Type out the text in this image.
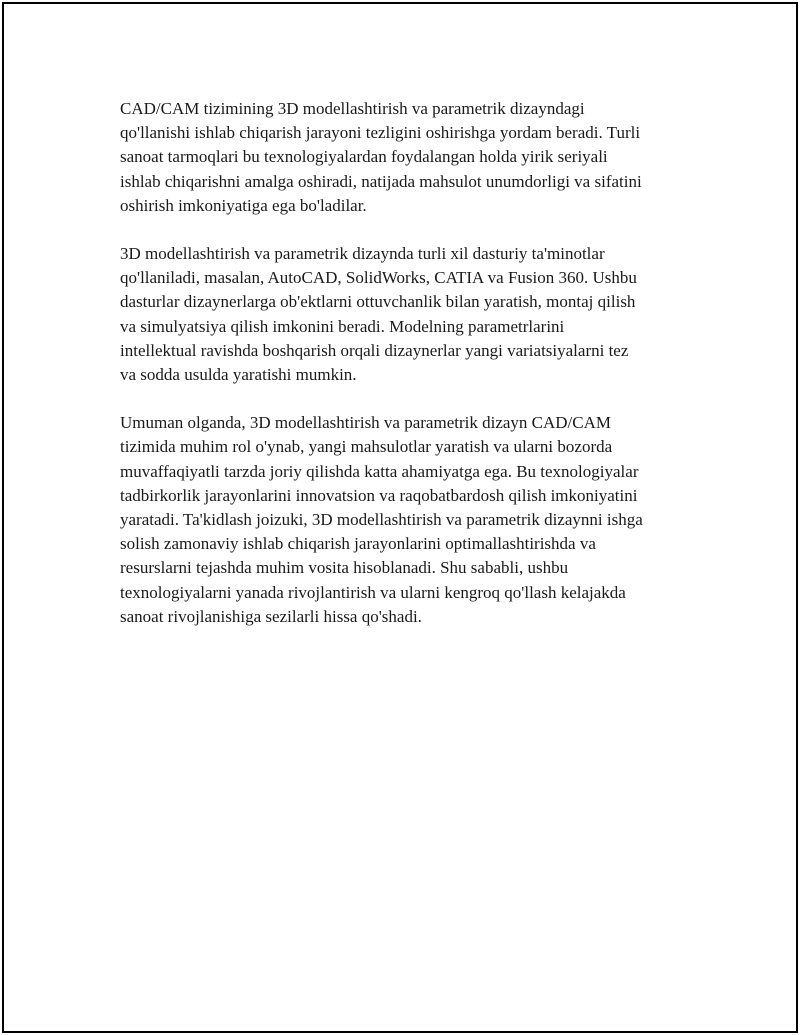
CAD/CAM tizimining 3D modellashtirish va parametrik dizayndagi
qo'llanishi ishlab chiqarish jarayoni tezligini oshirishga yordam beradi. Turli
sanoat tarmoqlari bu texnologiyalardan foydalangan holda yirik seriyali
ishlab chiqarishni amalga oshiradi, natijada mahsulot unumdorligi va sifatini
oshirish imkoniyatiga ega bo'ladilar.

3D modellashtirish va parametrik dizaynda turli xil dasturiy ta'minotlar
qo'llaniladi, masalan, AutoCAD, SolidWorks, CATIA va Fusion 360. Ushbu
dasturlar dizaynerlarga ob'ektlarni ottuvchanlik bilan yaratish, montaj qilish
va simulyatsiya qilish imkonini beradi. Modelning parametrlarini
intellektual ravishda boshqarish orqali dizaynerlar yangi variatsiyalarni tez
va sodda usulda yaratishi mumkin.

Umuman olganda, 3D modellashtirish va parametrik dizayn CAD/CAM
tizimida muhim rol o'ynab, yangi mahsulotlar yaratish va ularni bozorda
muvaffaqiyatli tarzda joriy qilishda katta ahamiyatga ega. Bu texnologiyalar
tadbirkorlik jarayonlarini innovatsion va raqobatbardosh qilish imkoniyatini
yaratadi. Ta'kidlash joizuki, 3D modellashtirish va parametrik dizaynni ishga
solish zamonaviy ishlab chiqarish jarayonlarini optimallashtirishda va
resurslarni tejashda muhim vosita hisoblanadi. Shu sababli, ushbu
texnologiyalarni yanada rivojlantirish va ularni kengroq qo'llash kelajakda
sanoat rivojlanishiga sezilarli hissa qo'shadi.
